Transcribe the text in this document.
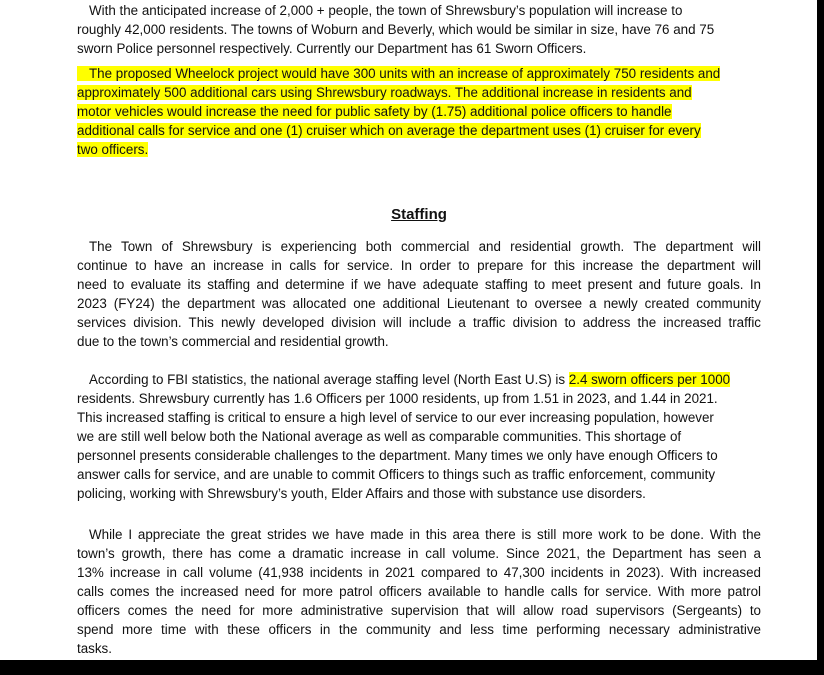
With the anticipated increase of 2,000 + people, the town of Shrewsbury’s population will increase to
roughly 42,000 residents. The towns of Woburn and Beverly, which would be similar in size, have 76 and 75
sworn Police personnel respectively. Currently our Department has 61 Sworn Officers.
The proposed Wheelock project would have 300 units with an increase of approximately 750 residents and
approximately 500 additional cars using Shrewsbury roadways. The additional increase in residents and
motor vehicles would increase the need for public safety by (1.75) additional police officers to handle
additional calls for service and one (1) cruiser which on average the department uses (1) cruiser for every
two officers.
Staffing
The Town of Shrewsbury is experiencing both commercial and residential growth. The department will
continue to have an increase in calls for service. In order to prepare for this increase the department will
need to evaluate its staffing and determine if we have adequate staffing to meet present and future goals. In
2023 (FY24) the department was allocated one additional Lieutenant to oversee a newly created community
services division. This newly developed division will include a traffic division to address the increased traffic
due to the town’s commercial and residential growth.
According to FBI statistics, the national average staffing level (North East U.S) is 2.4 sworn officers per 1000
residents. Shrewsbury currently has 1.6 Officers per 1000 residents, up from 1.51 in 2023, and 1.44 in 2021.
This increased staffing is critical to ensure a high level of service to our ever increasing population, however
we are still well below both the National average as well as comparable communities. This shortage of
personnel presents considerable challenges to the department. Many times we only have enough Officers to
answer calls for service, and are unable to commit Officers to things such as traffic enforcement, community
policing, working with Shrewsbury’s youth, Elder Affairs and those with substance use disorders.
While I appreciate the great strides we have made in this area there is still more work to be done. With the
town’s growth, there has come a dramatic increase in call volume. Since 2021, the Department has seen a
13% increase in call volume (41,938 incidents in 2021 compared to 47,300 incidents in 2023). With increased
calls comes the increased need for more patrol officers available to handle calls for service. With more patrol
officers comes the need for more administrative supervision that will allow road supervisors (Sergeants) to
spend more time with these officers in the community and less time performing necessary administrative
tasks.
